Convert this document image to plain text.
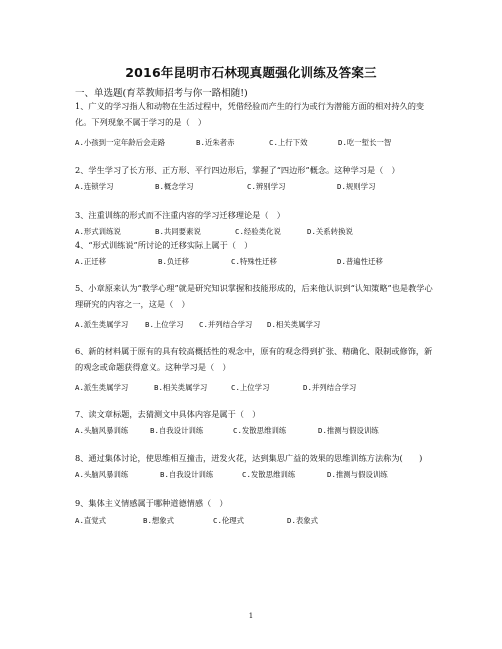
2016年昆明市石林现真题强化训练及答案三
一、单选题(育萃教师招考与你一路相随!)
1、广义的学习指人和动物在生活过程中，凭借经验而产生的行为或行为潜能方面的相对持久的变化。下列现象不属于学习的是（　）
A.小孩到一定年龄后会走路	B.近朱者赤	C.上行下效	D.吃一堑长一智
2、学生学习了长方形、正方形、平行四边形后，掌握了“四边形”概念。这种学习是（　）
A.连锁学习	B.概念学习	C.辨别学习	D.规则学习
3、注重训练的形式而不注重内容的学习迁移理论是（　）
A.形式训练说	B.共同要素说	C.经验类化说	D.关系转换说
4、“形式训练说”所讨论的迁移实际上属于（　）
A.正迁移	B.负迁移	C.特殊性迁移	D.普遍性迁移
5、小章原来认为“教学心理”就是研究知识掌握和技能形成的，后来他认识到“认知策略”也是教学心理研究的内容之一，这是（　）
A.派生类属学习 B.上位学习 C.并列结合学习 D.相关类属学习
6、新的材料属于原有的具有较高概括性的观念中，原有的观念得到扩张、精确化、限制或修饰，新的观念或命题获得意义。这种学习是（　）
A.派生类属学习	B.相关类属学习	C.上位学习	D.并列结合学习
7、读文章标题，去猜测文中具体内容是属于（　）
A.头脑风暴训练	B.自我设计训练	C.发散思维训练	D.推测与假设训练
8、通过集体讨论，使思维相互撞击，迸发火花，达到集思广益的效果的思维训练方法称为(　　)
A.头脑风暴训练	B.自我设计训练	C.发散思维训练	D.推测与假设训练
9、集体主义情感属于哪种道德情感（　）
A.直觉式	B.想象式	C.伦理式	D.表象式
1
